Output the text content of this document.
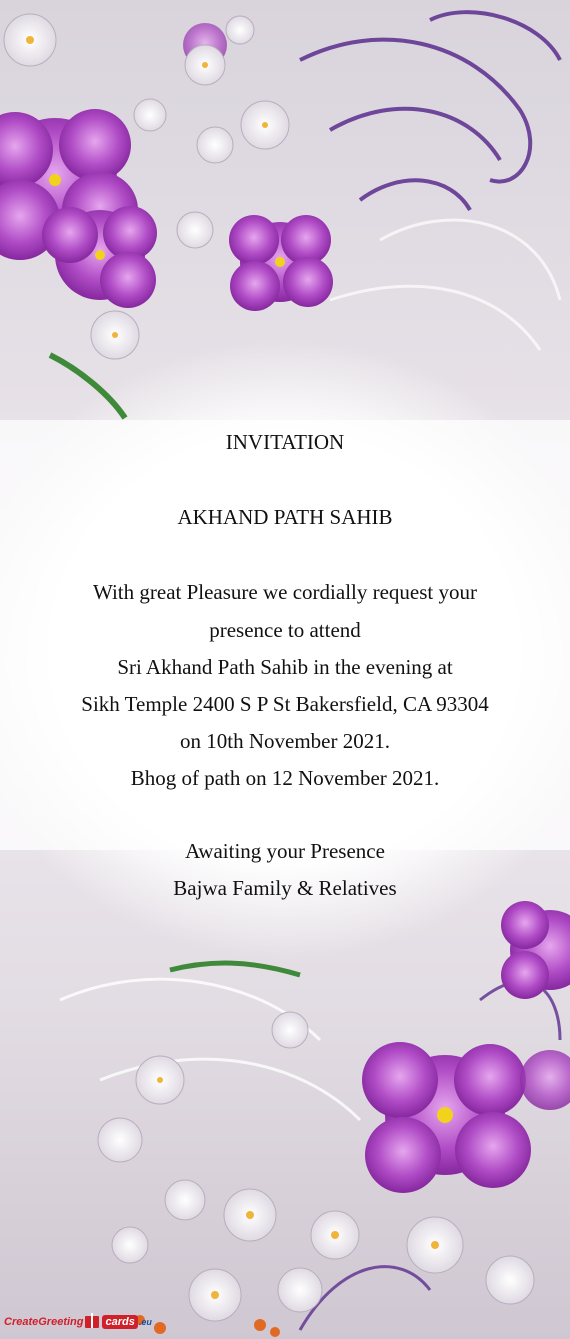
INVITATION
AKHAND PATH SAHIB
With great Pleasure we cordially request your
presence to attend
Sri Akhand Path Sahib in the evening at
Sikh Temple 2400 S P St Bakersfield, CA 93304
on 10th November 2021.
Bhog of path on 12 November 2021.
Awaiting your Presence
Bajwa Family & Relatives
CreateGreeting cards .eu
